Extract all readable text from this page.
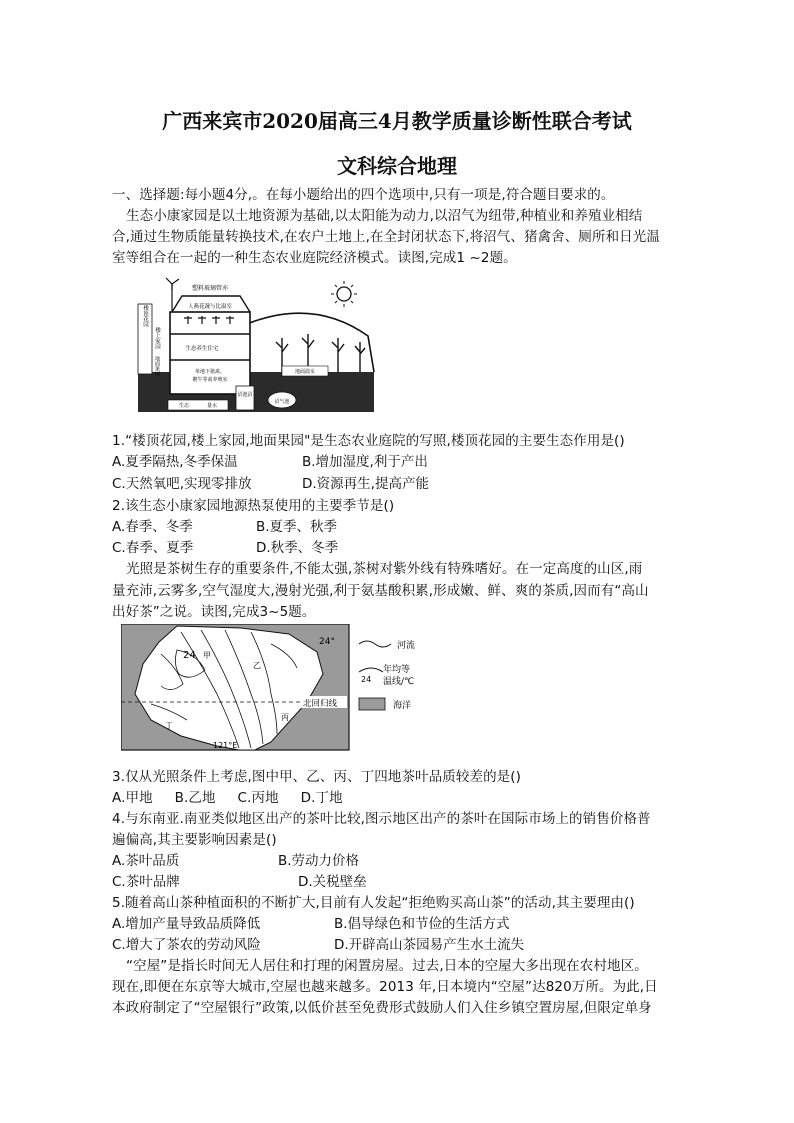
广西来宾市2020届高三4月教学质量诊断性联合考试
文科综合地理
一、选择题:每小题4分,。在每小题给出的四个选项中,只有一项是,符合题目要求的。
生态小康家园是以土地资源为基础,以太阳能为动力,以沼气为纽带,种植业和养殖业相结
合,通过生物质能量转换技术,在农户土地上,在全封闭状态下,将沼气、猪禽舍、厕所和日光温
室等组合在一起的一种生态农业庭院经济模式。读图,完成1 ~2题。
楼顶花园
楼上家园
地面果园
塑料玻璃管亦
人燕花蔬与比温室
生态养生住宅
单地下猪禽、
鹅牛等禽养殖室
地面温室
沼池沼
沼气池
生态	量水
1.“楼顶花园,楼上家园,地面果园"是生态农业庭院的写照,楼顶花园的主要生态作用是()
A.夏季隔热,冬季保温	B.增加湿度,利于产出
C.天然氧吧,实现零排放	D.资源再生,提高产能
2.该生态小康家园地源热泵使用的主要季节是()
A.春季、冬季	B.夏季、秋季
C.春季、夏季	D.秋季、冬季
光照是茶树生存的重要条件,不能太强,茶树对紫外线有特殊嗜好。在一定高度的山区,雨
量充沛,云雾多,空气湿度大,漫射光强,利于氨基酸积累,形成嫩、鲜、爽的茶质,因而有“高山
出好茶”之说。读图,完成3~5题。
24
24°
甲
乙
丙
丁
北回归线
121°E
河流
24
年均等
温线/℃
海洋
3.仅从光照条件上考虑,图中甲、乙、丙、丁四地茶叶品质较差的是()
A.甲地     B.乙地     C.丙地     D.丁地
4.与东南亚.南亚类似地区出产的茶叶比较,图示地区出产的茶叶在国际市场上的销售价格普
遍偏高,其主要影响因素是()
A.茶叶品质	B.劳动力价格
C.茶叶品牌	D.关税壁垒
5.随着高山茶种植面积的不断扩大,目前有人发起“拒绝购买高山茶”的活动,其主要理由()
A.增加产量导致品质降低	B.倡导绿色和节俭的生活方式
C.增大了茶农的劳动风险	D.开辟高山茶园易产生水土流失
“空屋”是指长时间无人居住和打理的闲置房屋。过去,日本的空屋大多出现在农村地区。
现在,即便在东京等大城市,空屋也越来越多。2013 年,日本境内“空屋”达820万所。为此,日
本政府制定了“空屋银行”政策,以低价甚至免费形式鼓励人们入住乡镇空置房屋,但限定单身
